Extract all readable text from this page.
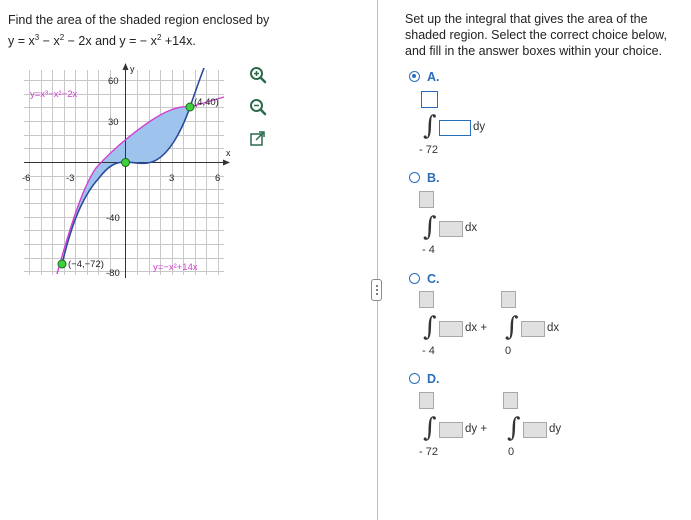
Find the area of the shaded region enclosed by
$y = x^3 - x^2 - 2x$ and y = − $x^2 +14x$.
y=x³−x²−2x
y=−x²+14x
(4,40)
(−4,−72)
x
y
-6	-3	3	6
60
30
-40
-80
Set up the integral that gives the area of the shaded region. Select the correct choice below, and fill in the answer boxes within your choice.
A.
∫	dy
- 72
B.
∫ dx
- 4
C.
∫ dx +
- 4
∫ dx
0
D.
∫ dy +
- 72
∫ dy
0
